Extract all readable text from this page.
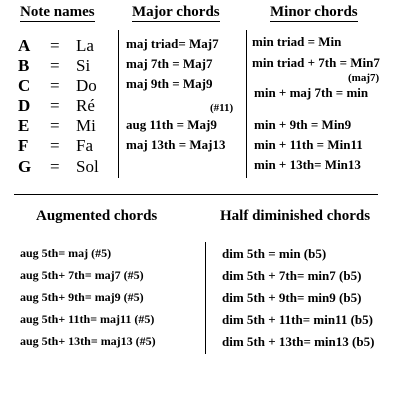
Note names Major chords	Minor chords
A = La
B = Si
C = Do
D = Ré
E = Mi
F = Fa
G = Sol
maj triad= Maj7
maj 7th = Maj7
maj 9th = Maj9
(#11)
aug 11th = Maj9
maj 13th = Maj13
min triad = Min
min triad + 7th = Min7
(maj7)
min + maj 7th = min
min + 9th = Min9
min + 11th = Min11
min + 13th= Min13
Augmented chords	Half diminished chords
aug 5th= maj (#5)
aug 5th+ 7th= maj7 (#5)
aug 5th+ 9th= maj9 (#5)
aug 5th+ 11th= maj11 (#5)
aug 5th+ 13th= maj13 (#5)
dim 5th = min (b5)
dim 5th + 7th= min7 (b5)
dim 5th + 9th= min9 (b5)
dim 5th + 11th= min11 (b5)
dim 5th + 13th= min13 (b5)
